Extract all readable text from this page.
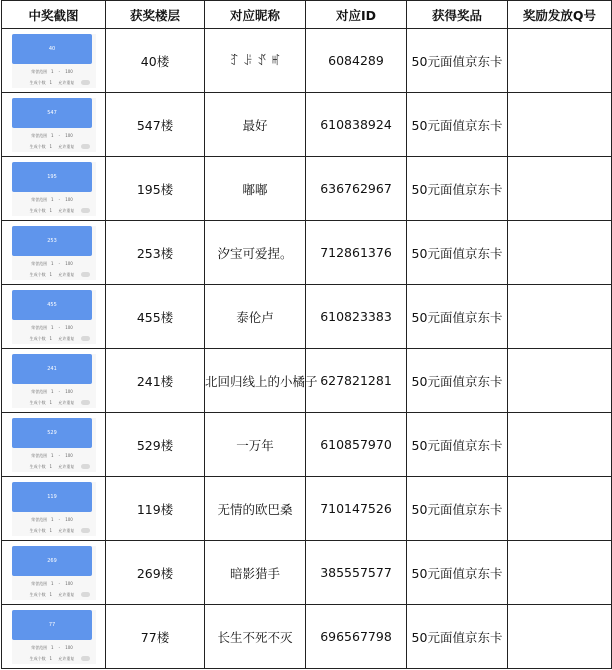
中奖截图	获奖楼层	对应昵称	对应ID	获得奖品	奖励发放Q号

40
荣誉范围 1 - 100
生成个数 1 允许重复	40楼	ꆈ ꌠ ꀋ ꎭ	6084289	50元面值京东卡	

547
荣誉范围 1 - 100
生成个数 1 允许重复	547楼	最好	610838924	50元面值京东卡	

195
荣誉范围 1 - 100
生成个数 1 允许重复	195楼	嘟嘟	636762967	50元面值京东卡	

253
荣誉范围 1 - 100
生成个数 1 允许重复	253楼	汐宝可爱捏。	712861376	50元面值京东卡	

455
荣誉范围 1 - 100
生成个数 1 允许重复	455楼	泰伦卢	610823383	50元面值京东卡	

241
荣誉范围 1 - 100
生成个数 1 允许重复	241楼	北回归线上的小橘子	627821281	50元面值京东卡	

529
荣誉范围 1 - 100
生成个数 1 允许重复	529楼	一万年	610857970	50元面值京东卡	

119
荣誉范围 1 - 100
生成个数 1 允许重复	119楼	无情的欧巴桑	710147526	50元面值京东卡	

269
荣誉范围 1 - 100
生成个数 1 允许重复	269楼	暗影猎手	385557577	50元面值京东卡	

77
荣誉范围 1 - 100
生成个数 1 允许重复	77楼	长生不死不灭	696567798	50元面值京东卡	
